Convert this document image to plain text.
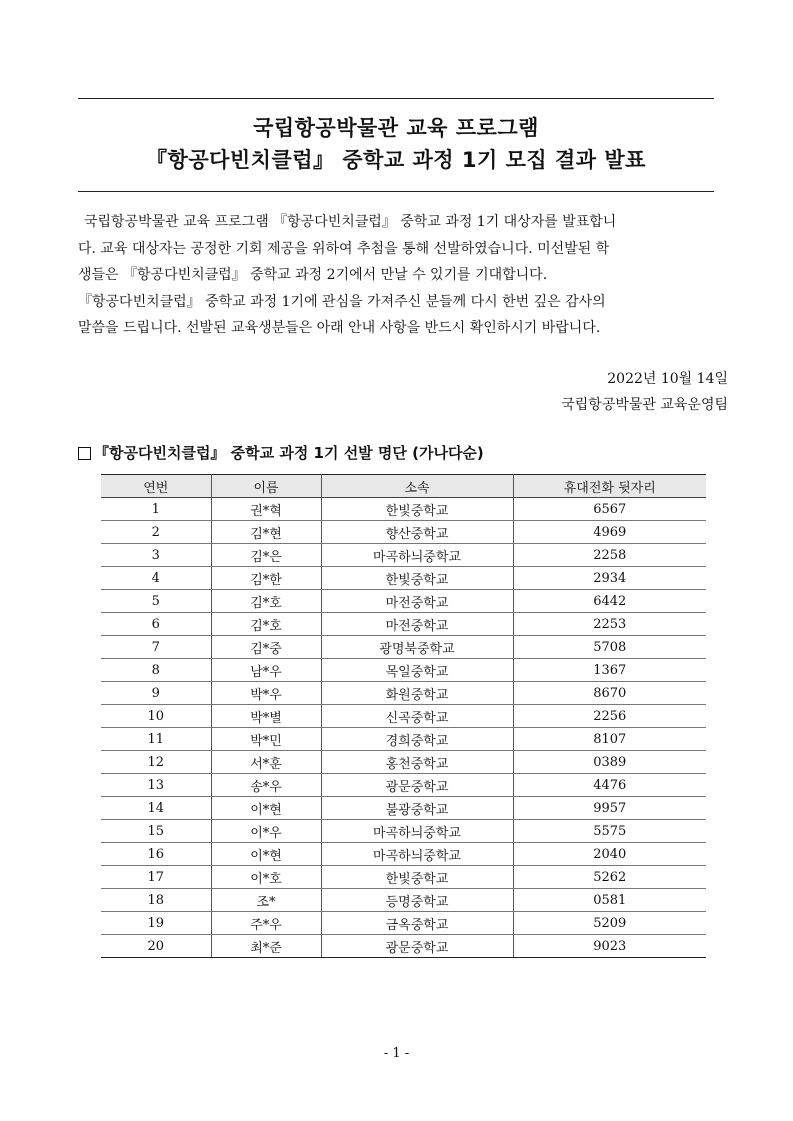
국립항공박물관 교육 프로그램
『항공다빈치클럽』 중학교 과정 1기 모집 결과 발표

국립항공박물관 교육 프로그램 『항공다빈치클럽』 중학교 과정 1기 대상자를 발표합니
다. 교육 대상자는 공정한 기회 제공을 위하여 추첨을 통해 선발하였습니다. 미선발된 학
생들은 『항공다빈치클럽』 중학교 과정 2기에서 만날 수 있기를 기대합니다.

『항공다빈치클럽』 중학교 과정 1기에 관심을 가져주신 분들께 다시 한번 깊은 감사의
말씀을 드립니다. 선발된 교육생분들은 아래 안내 사항을 반드시 확인하시기 바랍니다.

2022년 10월 14일
국립항공박물관 교육운영팀
『항공다빈치클럽』 중학교 과정 1기 선발 명단 (가나다순)
연번	이름	소속	휴대전화 뒷자리
1	권*혁	한빛중학교	6567
2	김*현	향산중학교	4969
3	김*은	마곡하늬중학교	2258
4	김*한	한빛중학교	2934
5	김*호	마전중학교	6442
6	김*호	마전중학교	2253
7	김*중	광명북중학교	5708
8	남*우	목일중학교	1367
9	박*우	화원중학교	8670
10	박*별	신곡중학교	2256
11	박*민	경희중학교	8107
12	서*훈	홍천중학교	0389
13	송*우	광문중학교	4476
14	이*현	불광중학교	9957
15	이*우	마곡하늬중학교	5575
16	이*현	마곡하늬중학교	2040
17	이*호	한빛중학교	5262
18	조*	등명중학교	0581
19	주*우	금옥중학교	5209
20	최*준	광문중학교	9023
- 1 -
